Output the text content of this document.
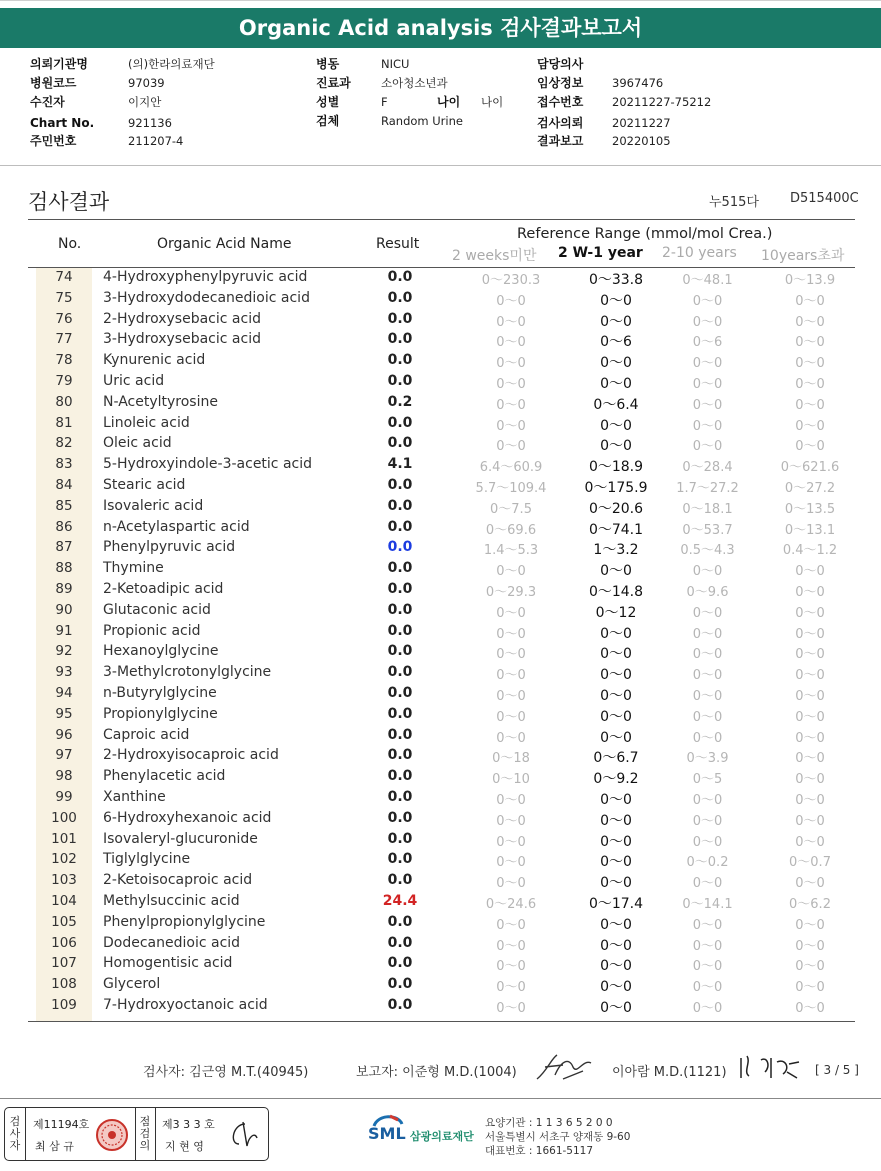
Organic Acid analysis 검사결과보고서
의뢰기관명	(의)한라의료재단
병원코드	97039
수진자	이지안
Chart No.	921136
주민번호	211207-4
병동	NICU
진료과	소아청소년과
성별	F	나이 나이
검체	Random Urine
담당의사
임상정보 3967476
접수번호 20211227-75212
검사의뢰 20211227
결과보고 20220105
검사결과	누515다 D515400C
No.	Organic Acid Name	Result
Reference Range (mmol/mol Crea.)
2 weeks미만 2 W-1 year 2-10 years 10years초과
74	4-Hydroxyphenylpyruvic acid	0.0	0～230.3	0～33.8	0～48.1	0～13.9
75	3-Hydroxydodecanedioic acid	0.0	0～0	0～0	0～0	0～0
76	2-Hydroxysebacic acid	0.0	0～0	0～0	0～0	0～0
77	3-Hydroxysebacic acid	0.0	0～0	0～6	0～6	0～0
78	Kynurenic acid	0.0	0～0	0～0	0～0	0～0
79	Uric acid	0.0	0～0	0～0	0～0	0～0
80	N-Acetyltyrosine	0.2	0～0	0～6.4	0～0	0～0
81	Linoleic acid	0.0	0～0	0～0	0～0	0～0
82	Oleic acid	0.0	0～0	0～0	0～0	0～0
83	5-Hydroxyindole-3-acetic acid	4.1	6.4～60.9	0～18.9	0～28.4	0～621.6
84	Stearic acid	0.0	5.7～109.4	0～175.9	1.7～27.2	0～27.2
85	Isovaleric acid	0.0	0～7.5	0～20.6	0～18.1	0～13.5
86	n-Acetylaspartic acid	0.0	0～69.6	0～74.1	0～53.7	0～13.1
87	Phenylpyruvic acid	0.0	1.4～5.3	1～3.2	0.5～4.3	0.4～1.2
88	Thymine	0.0	0～0	0～0	0～0	0～0
89	2-Ketoadipic acid	0.0	0～29.3	0～14.8	0～9.6	0～0
90	Glutaconic acid	0.0	0～0	0～12	0～0	0～0
91	Propionic acid	0.0	0～0	0～0	0～0	0～0
92	Hexanoylglycine	0.0	0～0	0～0	0～0	0～0
93	3-Methylcrotonylglycine	0.0	0～0	0～0	0～0	0～0
94	n-Butyrylglycine	0.0	0～0	0～0	0～0	0～0
95	Propionylglycine	0.0	0～0	0～0	0～0	0～0
96	Caproic acid	0.0	0～0	0～0	0～0	0～0
97	2-Hydroxyisocaproic acid	0.0	0～18	0～6.7	0～3.9	0～0
98	Phenylacetic acid	0.0	0～10	0～9.2	0～5	0～0
99	Xanthine	0.0	0～0	0～0	0～0	0～0
100	6-Hydroxyhexanoic acid	0.0	0～0	0～0	0～0	0～0
101	Isovaleryl-glucuronide	0.0	0～0	0～0	0～0	0～0
102	Tiglylglycine	0.0	0～0	0～0	0～0.2	0～0.7
103	2-Ketoisocaproic acid	0.0	0～0	0～0	0～0	0～0
104	Methylsuccinic acid	24.4	0～24.6	0～17.4	0～14.1	0～6.2
105	Phenylpropionylglycine	0.0	0～0	0～0	0～0	0～0
106	Dodecanedioic acid	0.0	0～0	0～0	0～0	0～0
107	Homogentisic acid	0.0	0～0	0～0	0～0	0～0
108	Glycerol	0.0	0～0	0～0	0～0	0～0
109	7-Hydroxyoctanoic acid	0.0	0～0	0～0	0～0	0～0
검사자: 김근영 M.T.(40945)	보고자: 이준형 M.D.(1004)	이아람 M.D.(1121)	[ 3 / 5 ]
검사자
제11194호
최 삼 규
점검의
제3 3 3 호
지 현 영
SML 삼광의료재단
요양기관 : 1 1 3 6 5 2 0 0
서울특별시 서초구 양재동 9-60
대표번호 : 1661-5117
